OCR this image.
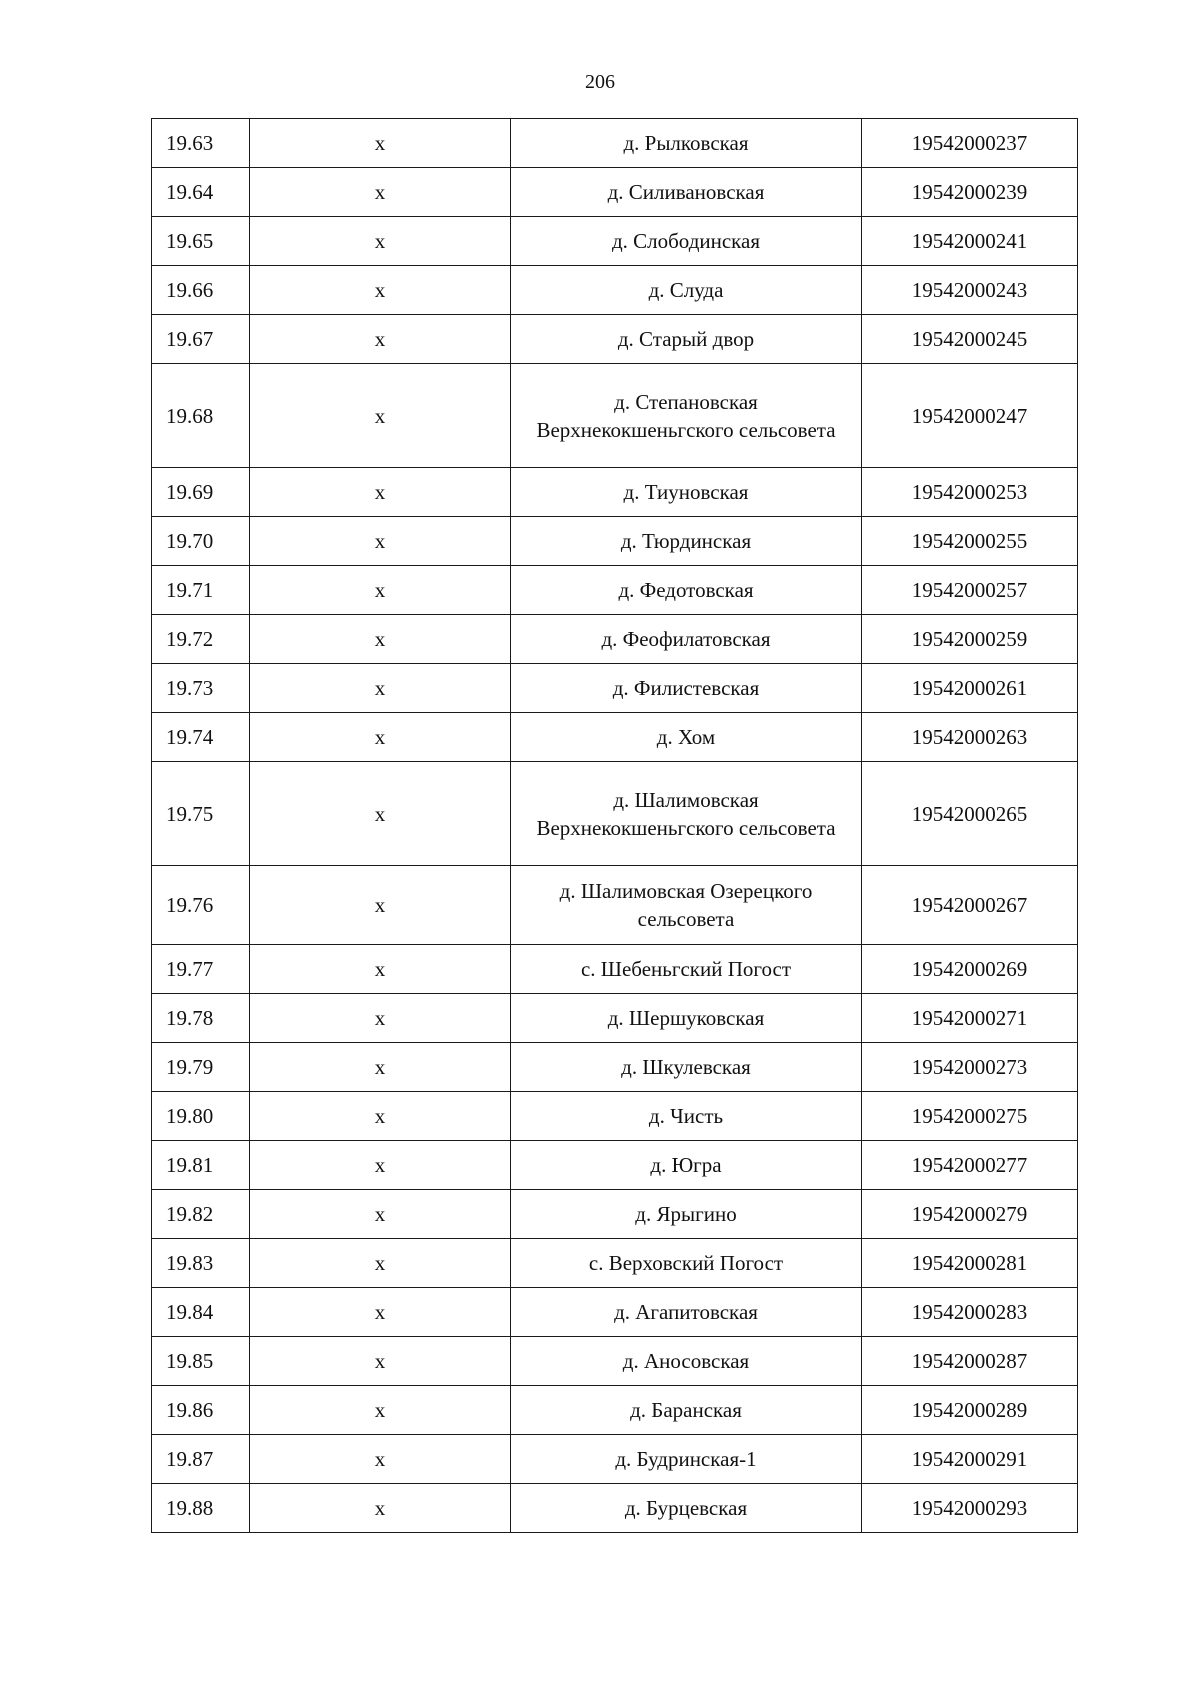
206
19.63	x	д. Рылковская	19542000237
19.64	x	д. Силивановская	19542000239
19.65	x	д. Слободинская	19542000241
19.66	x	д. Слуда	19542000243
19.67	x	д. Старый двор	19542000245
19.68	x	д. Степановская Верхнекокшеньгского сельсовета	19542000247
19.69	x	д. Тиуновская	19542000253
19.70	x	д. Тюрдинская	19542000255
19.71	x	д. Федотовская	19542000257
19.72	x	д. Феофилатовская	19542000259
19.73	x	д. Филистевская	19542000261
19.74	x	д. Хом	19542000263
19.75	x	д. Шалимовская Верхнекокшеньгского сельсовета	19542000265
19.76	x	д. Шалимовская Озерецкого сельсовета	19542000267
19.77	x	с. Шебеньгский Погост	19542000269
19.78	x	д. Шершуковская	19542000271
19.79	x	д. Шкулевская	19542000273
19.80	x	д. Чисть	19542000275
19.81	x	д. Югра	19542000277
19.82	x	д. Ярыгино	19542000279
19.83	x	с. Верховский Погост	19542000281
19.84	x	д. Агапитовская	19542000283
19.85	x	д. Аносовская	19542000287
19.86	x	д. Баранская	19542000289
19.87	x	д. Будринская-1	19542000291
19.88	x	д. Бурцевская	19542000293
